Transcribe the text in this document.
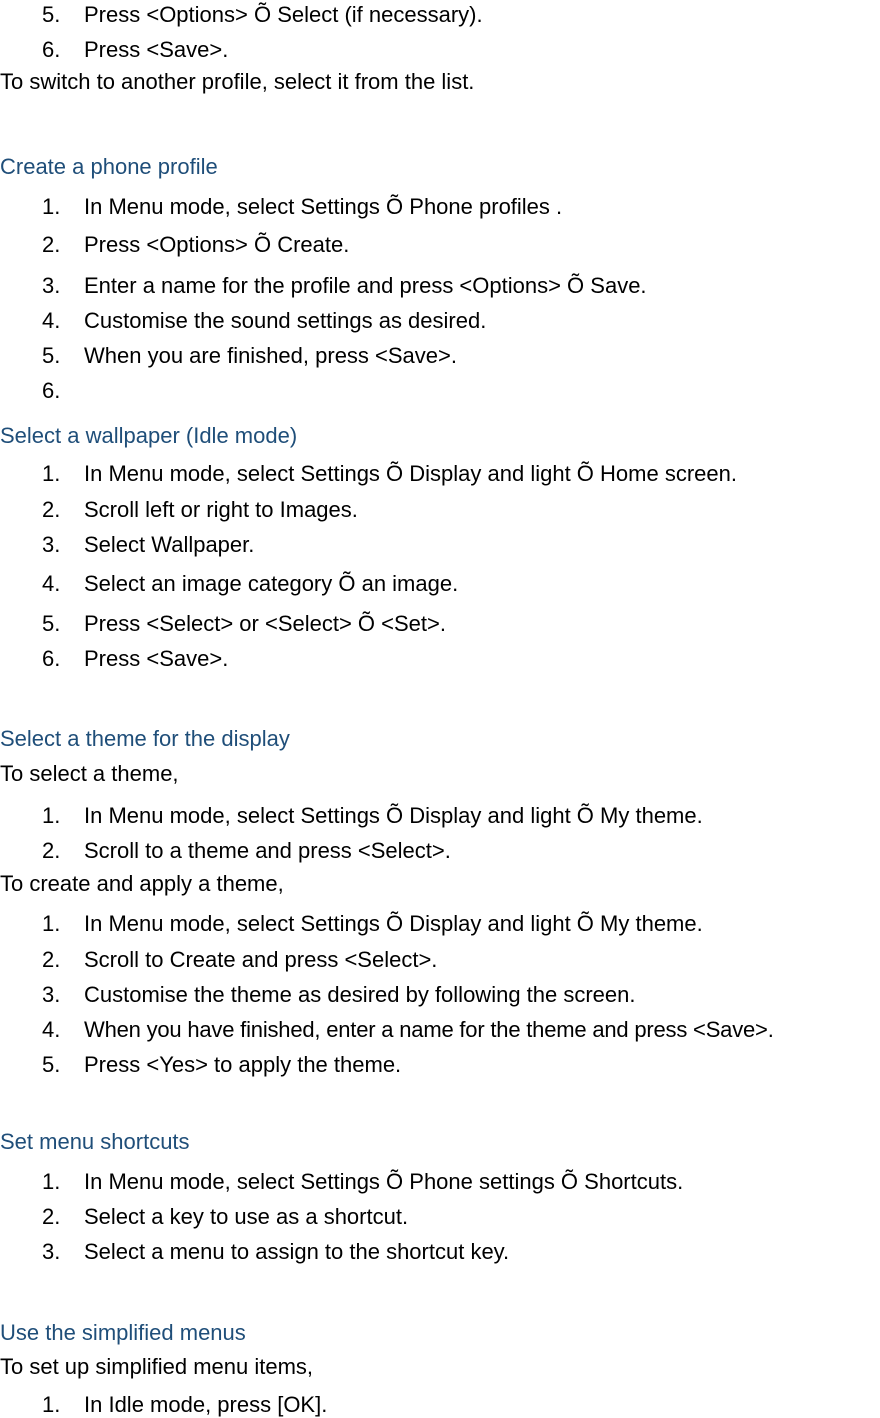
5. Press <Options> Õ Select (if necessary).
6. Press <Save>.
To switch to another profile, select it from the list.
Create a phone profile
1. In Menu mode, select Settings Õ Phone profiles .
2. Press <Options> Õ Create.
3. Enter a name for the profile and press <Options> Õ Save.
4. Customise the sound settings as desired.
5. When you are finished, press <Save>.
6.
Select a wallpaper (Idle mode)
1. In Menu mode, select Settings Õ Display and light Õ Home screen.
2. Scroll left or right to Images.
3. Select Wallpaper.
4. Select an image category Õ an image.
5. Press <Select> or <Select> Õ <Set>.
6. Press <Save>.
Select a theme for the display
To select a theme,
1. In Menu mode, select Settings Õ Display and light Õ My theme.
2. Scroll to a theme and press <Select>.
To create and apply a theme,
1. In Menu mode, select Settings Õ Display and light Õ My theme.
2. Scroll to Create and press <Select>.
3. Customise the theme as desired by following the screen.
4. When you have finished, enter a name for the theme and press <Save>.
5. Press <Yes> to apply the theme.
Set menu shortcuts
1. In Menu mode, select Settings Õ Phone settings Õ Shortcuts.
2. Select a key to use as a shortcut.
3. Select a menu to assign to the shortcut key.
Use the simplified menus
To set up simplified menu items,
1. In Idle mode, press [OK].
